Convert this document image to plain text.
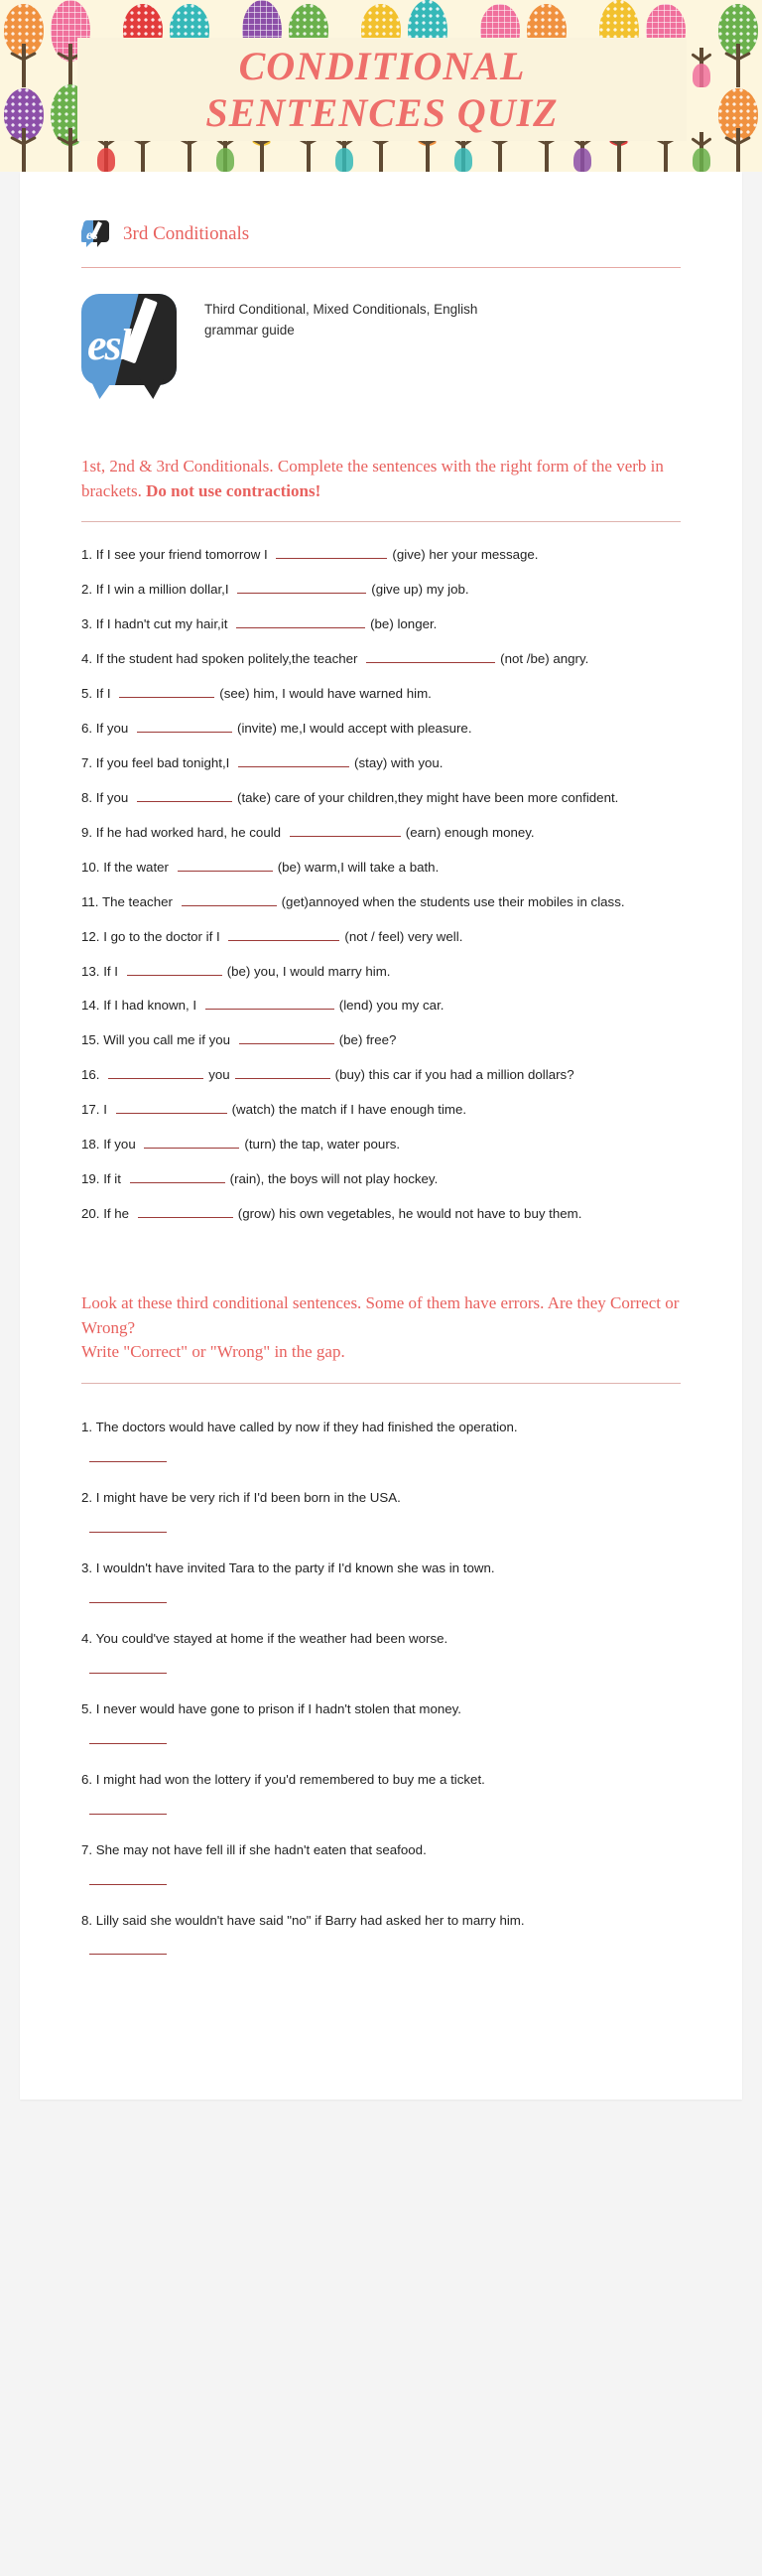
CONDITIONAL
SENTENCES QUIZ
es 3rd Conditionals
esl
Third Conditional, Mixed Conditionals, English grammar guide
1st, 2nd & 3rd Conditionals. Complete the sentences with the right form of the verb in brackets. Do not use contractions!
1. If I see your friend tomorrow I	(give) her your message.
2. If I win a million dollar,I	(give up) my job.
3. If I hadn't cut my hair,it	(be) longer.
4. If the student had spoken politely,the teacher	(not /be) angry.
5. If I	(see) him, I would have warned him.
6. If you	(invite) me,I would accept with pleasure.
7. If you feel bad tonight,I	(stay) with you.
8. If you	(take) care of your children,they might have been more confident.
9. If he had worked hard, he could	(earn) enough money.
10. If the water	(be) warm,I will take a bath.
11. The teacher	(get)annoyed when the students use their mobiles in class.
12. I go to the doctor if I	(not / feel) very well.
13. If I	(be) you, I would marry him.
14. If I had known, I	(lend) you my car.
15. Will you call me if you	(be) free?
16.	you	(buy) this car if you had a million dollars?
17. I	(watch) the match if I have enough time.
18. If you	(turn) the tap, water pours.
19. If it	(rain), the boys will not play hockey.
20. If he	(grow) his own vegetables, he would not have to buy them.
Look at these third conditional sentences. Some of them have errors. Are they Correct or Wrong?
Write "Correct" or "Wrong" in the gap.
1. The doctors would have called by now if they had finished the operation.
2. I might have be very rich if I'd been born in the USA.
3. I wouldn't have invited Tara to the party if I'd known she was in town.
4. You could've stayed at home if the weather had been worse.
5. I never would have gone to prison if I hadn't stolen that money.
6. I might had won the lottery if you'd remembered to buy me a ticket.
7. She may not have fell ill if she hadn't eaten that seafood.
8. Lilly said she wouldn't have said "no" if Barry had asked her to marry him.
